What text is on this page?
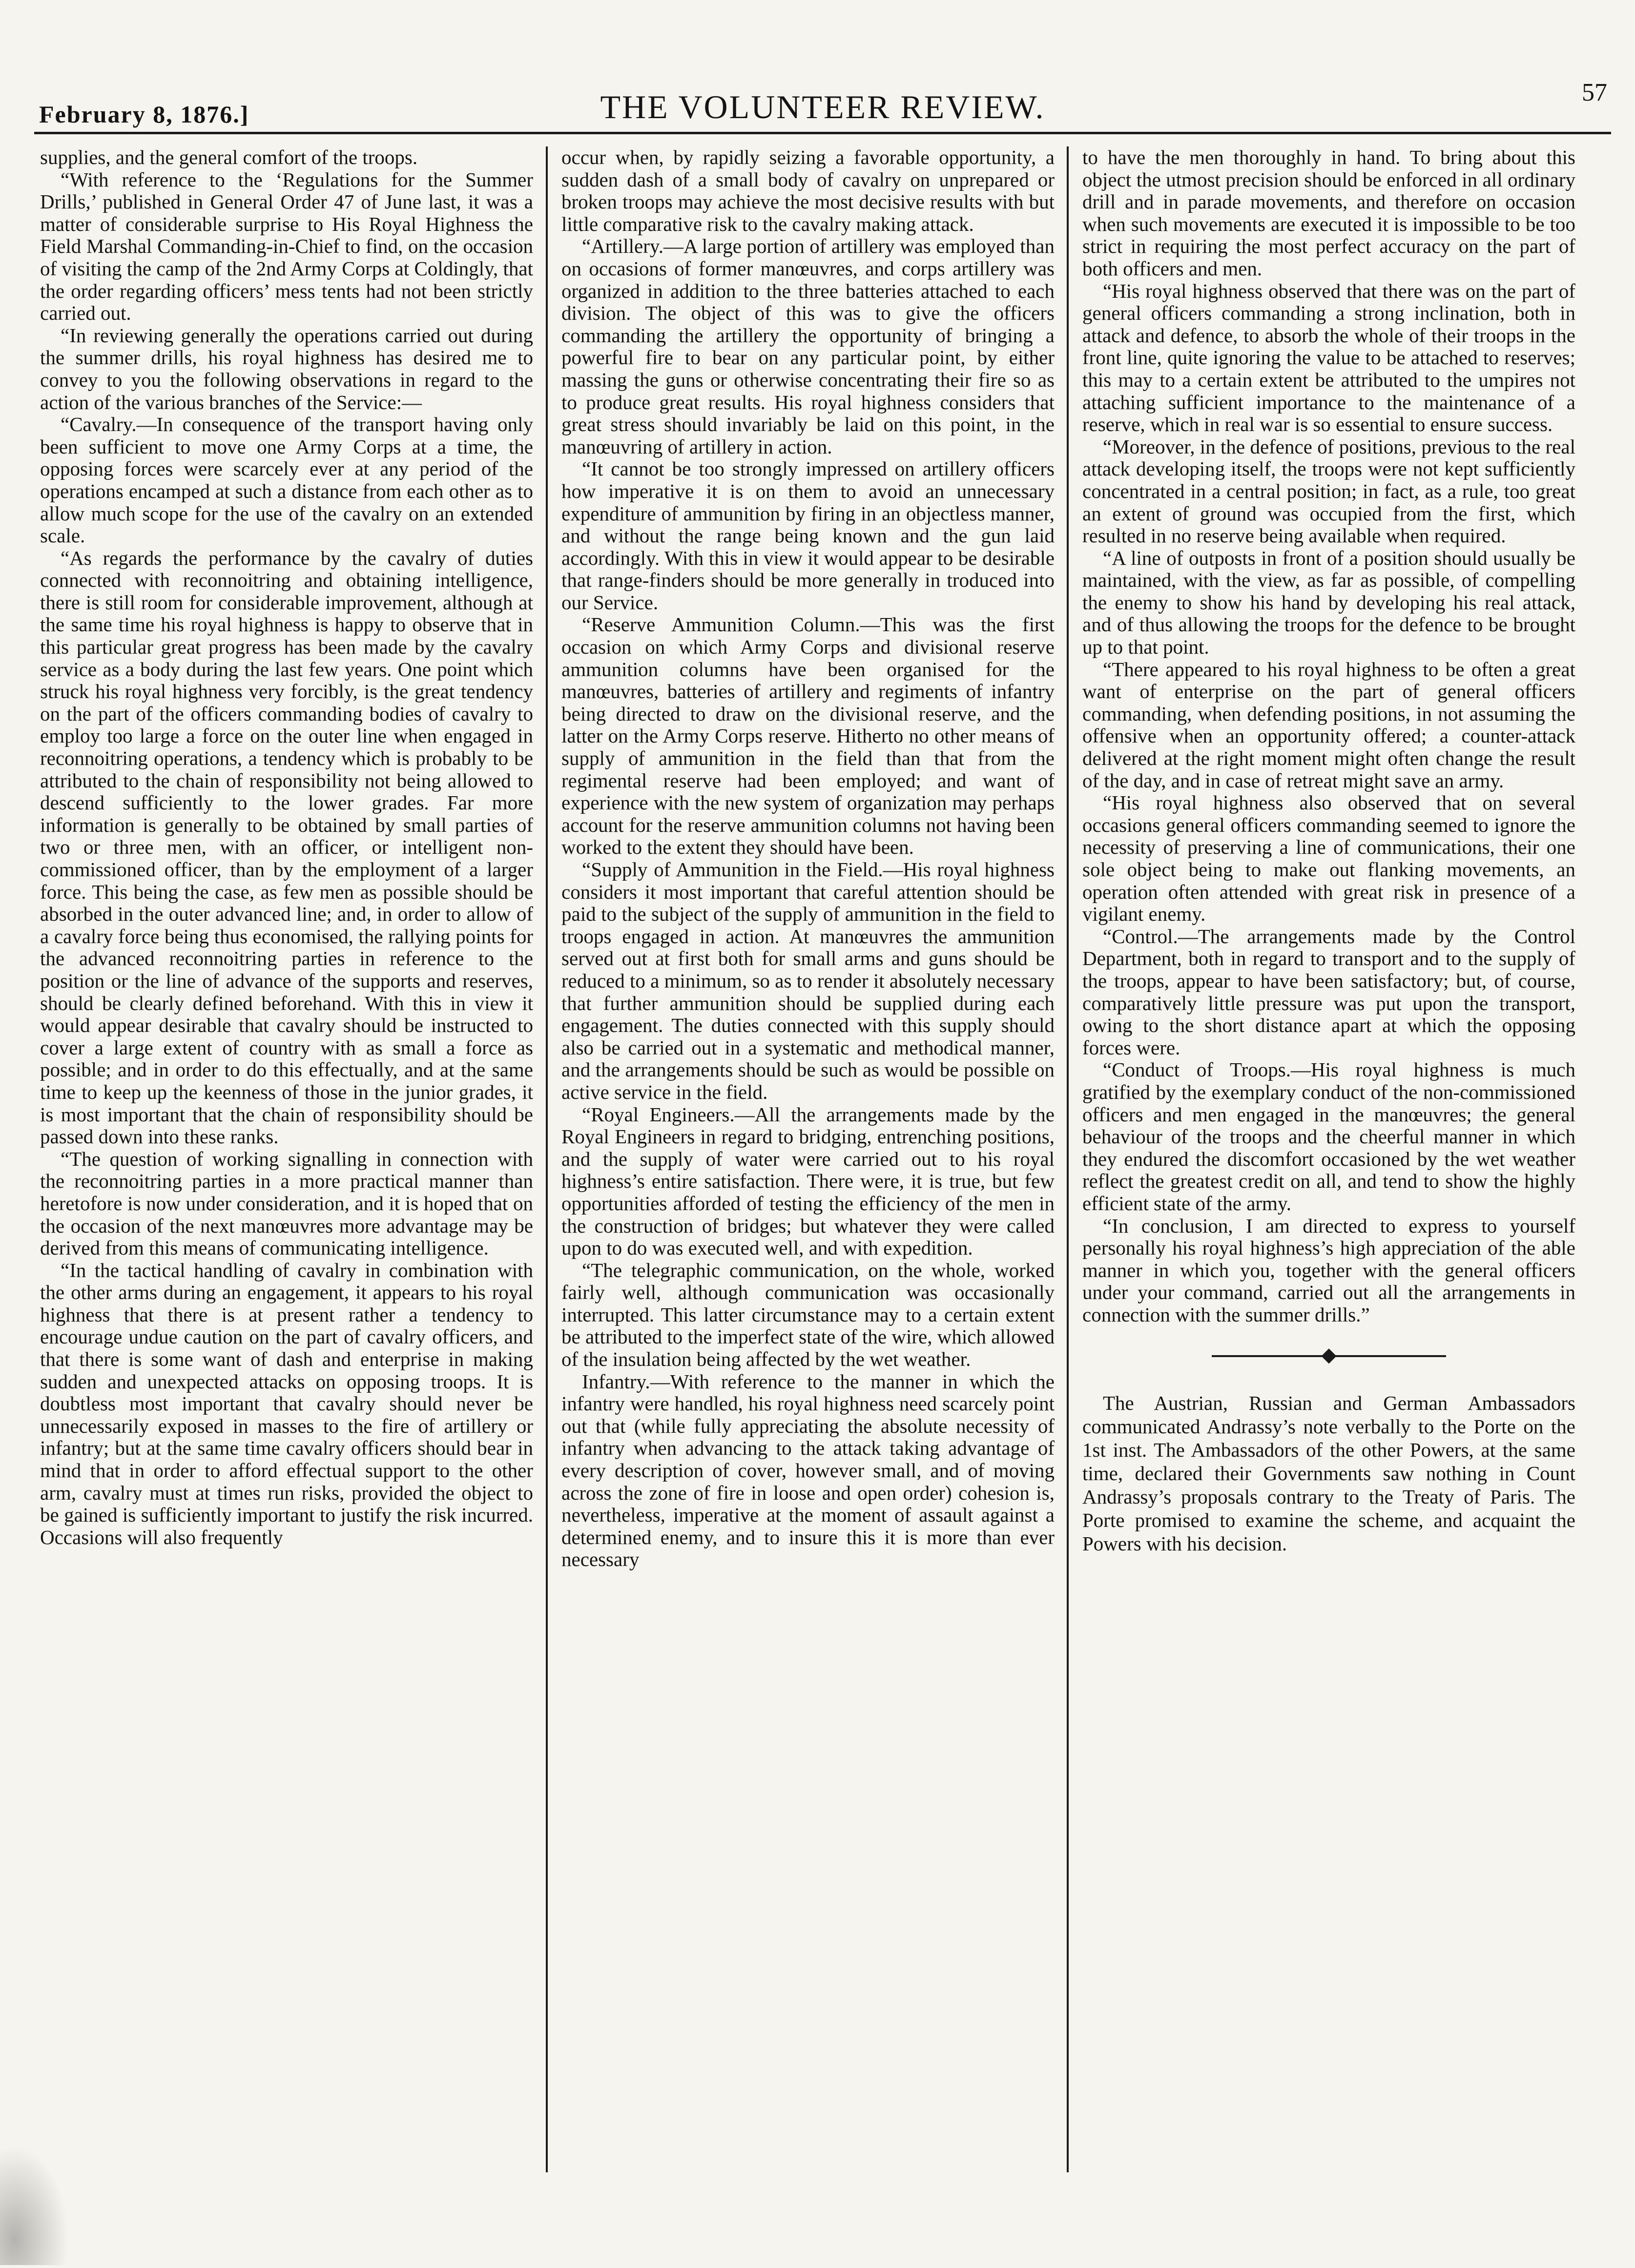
February 8, 1876.]	THE VOLUNTEER REVIEW.	57

supplies, and the general comfort of the troops.

“With reference to the ‘Regulations for the Summer Drills,’ published in General Order 47 of June last, it was a matter of considerable surprise to His Royal Highness the Field Marshal Commanding-in-Chief to find, on the occasion of visiting the camp of the 2nd Army Corps at Coldingly, that the order regarding officers’ mess tents had not been strictly carried out.

“In reviewing generally the operations carried out during the summer drills, his royal highness has desired me to convey to you the following observations in regard to the action of the various branches of the Service:—

“Cavalry.—In consequence of the transport having only been sufficient to move one Army Corps at a time, the opposing forces were scarcely ever at any period of the operations encamped at such a distance from each other as to allow much scope for the use of the cavalry on an extended scale.

“As regards the performance by the cavalry of duties connected with reconnoitring and obtaining intelligence, there is still room for considerable improvement, although at the same time his royal highness is happy to observe that in this particular great progress has been made by the cavalry service as a body during the last few years. One point which struck his royal highness very forcibly, is the great tendency on the part of the officers commanding bodies of cavalry to employ too large a force on the outer line when engaged in reconnoitring operations, a tendency which is probably to be attributed to the chain of responsibility not being allowed to descend sufficiently to the lower grades. Far more information is generally to be obtained by small parties of two or three men, with an officer, or intelligent non-commissioned officer, than by the employment of a larger force. This being the case, as few men as possible should be absorbed in the outer advanced line; and, in order to allow of a cavalry force being thus economised, the rallying points for the advanced reconnoitring parties in reference to the position or the line of advance of the supports and reserves, should be clearly defined beforehand. With this in view it would appear desirable that cavalry should be instructed to cover a large extent of country with as small a force as possible; and in order to do this effectually, and at the same time to keep up the keenness of those in the junior grades, it is most important that the chain of responsibility should be passed down into these ranks.

“The question of working signalling in connection with the reconnoitring parties in a more practical manner than heretofore is now under consideration, and it is hoped that on the occasion of the next manœuvres more advantage may be derived from this means of communicating intelligence.

“In the tactical handling of cavalry in combination with the other arms during an engagement, it appears to his royal highness that there is at present rather a tendency to encourage undue caution on the part of cavalry officers, and that there is some want of dash and enterprise in making sudden and unexpected attacks on opposing troops. It is doubtless most important that cavalry should never be unnecessarily exposed in masses to the fire of artillery or infantry; but at the same time cavalry officers should bear in mind that in order to afford effectual support to the other arm, cavalry must at times run risks, provided the object to be gained is sufficiently important to justify the risk incurred. Occasions will also frequently

occur when, by rapidly seizing a favorable opportunity, a sudden dash of a small body of cavalry on unprepared or broken troops may achieve the most decisive results with but little comparative risk to the cavalry making attack.

“Artillery.—A large portion of artillery was employed than on occasions of former manœuvres, and corps artillery was organized in addition to the three batteries attached to each division. The object of this was to give the officers commanding the artillery the opportunity of bringing a powerful fire to bear on any particular point, by either massing the guns or otherwise concentrating their fire so as to produce great results. His royal highness considers that great stress should invariably be laid on this point, in the manœuvring of artillery in action.

“It cannot be too strongly impressed on artillery officers how imperative it is on them to avoid an unnecessary expenditure of ammunition by firing in an objectless manner, and without the range being known and the gun laid accordingly. With this in view it would appear to be desirable that range-finders should be more generally in troduced into our Service.

“Reserve Ammunition Column.—This was the first occasion on which Army Corps and divisional reserve ammunition columns have been organised for the manœuvres, batteries of artillery and regiments of infantry being directed to draw on the divisional reserve, and the latter on the Army Corps reserve. Hitherto no other means of supply of ammunition in the field than that from the regimental reserve had been employed; and want of experience with the new system of organization may perhaps account for the reserve ammunition columns not having been worked to the extent they should have been.

“Supply of Ammunition in the Field.—His royal highness considers it most important that careful attention should be paid to the subject of the supply of ammunition in the field to troops engaged in action. At manœuvres the ammunition served out at first both for small arms and guns should be reduced to a minimum, so as to render it absolutely necessary that further ammunition should be supplied during each engagement. The duties connected with this supply should also be carried out in a systematic and methodical manner, and the arrangements should be such as would be possible on active service in the field.

“Royal Engineers.—All the arrangements made by the Royal Engineers in regard to bridging, entrenching positions, and the supply of water were carried out to his royal highness’s entire satisfaction. There were, it is true, but few opportunities afforded of testing the efficiency of the men in the construction of bridges; but whatever they were called upon to do was executed well, and with expedition.

“The telegraphic communication, on the whole, worked fairly well, although communication was occasionally interrupted. This latter circumstance may to a certain extent be attributed to the imperfect state of the wire, which allowed of the insulation being affected by the wet weather.

Infantry.—With reference to the manner in which the infantry were handled, his royal highness need scarcely point out that (while fully appreciating the absolute necessity of infantry when advancing to the attack taking advantage of every description of cover, however small, and of moving across the zone of fire in loose and open order) cohesion is, nevertheless, imperative at the moment of assault against a determined enemy, and to insure this it is more than ever necessary

to have the men thoroughly in hand. To bring about this object the utmost precision should be enforced in all ordinary drill and in parade movements, and therefore on occasion when such movements are executed it is impossible to be too strict in requiring the most perfect accuracy on the part of both officers and men.

“His royal highness observed that there was on the part of general officers commanding a strong inclination, both in attack and defence, to absorb the whole of their troops in the front line, quite ignoring the value to be attached to reserves; this may to a certain extent be attributed to the umpires not attaching sufficient importance to the maintenance of a reserve, which in real war is so essential to ensure success.

“Moreover, in the defence of positions, previous to the real attack developing itself, the troops were not kept sufficiently concentrated in a central position; in fact, as a rule, too great an extent of ground was occupied from the first, which resulted in no reserve being available when required.

“A line of outposts in front of a position should usually be maintained, with the view, as far as possible, of compelling the enemy to show his hand by developing his real attack, and of thus allowing the troops for the defence to be brought up to that point.

“There appeared to his royal highness to be often a great want of enterprise on the part of general officers commanding, when defending positions, in not assuming the offensive when an opportunity offered; a counter-attack delivered at the right moment might often change the result of the day, and in case of retreat might save an army.

“His royal highness also observed that on several occasions general officers commanding seemed to ignore the necessity of preserving a line of communications, their one sole object being to make out flanking movements, an operation often attended with great risk in presence of a vigilant enemy.

“Control.—The arrangements made by the Control Department, both in regard to transport and to the supply of the troops, appear to have been satisfactory; but, of course, comparatively little pressure was put upon the transport, owing to the short distance apart at which the opposing forces were.

“Conduct of Troops.—His royal highness is much gratified by the exemplary conduct of the non-commissioned officers and men engaged in the manœuvres; the general behaviour of the troops and the cheerful manner in which they endured the discomfort occasioned by the wet weather reflect the greatest credit on all, and tend to show the highly efficient state of the army.

“In conclusion, I am directed to express to yourself personally his royal highness’s high appreciation of the able manner in which you, together with the general officers under your command, carried out all the arrangements in connection with the summer drills.”

The Austrian, Russian and German Ambassadors communicated Andrassy’s note verbally to the Porte on the 1st inst. The Ambassadors of the other Powers, at the same time, declared their Governments saw nothing in Count Andrassy’s proposals contrary to the Treaty of Paris. The Porte promised to examine the scheme, and acquaint the Powers with his decision.
